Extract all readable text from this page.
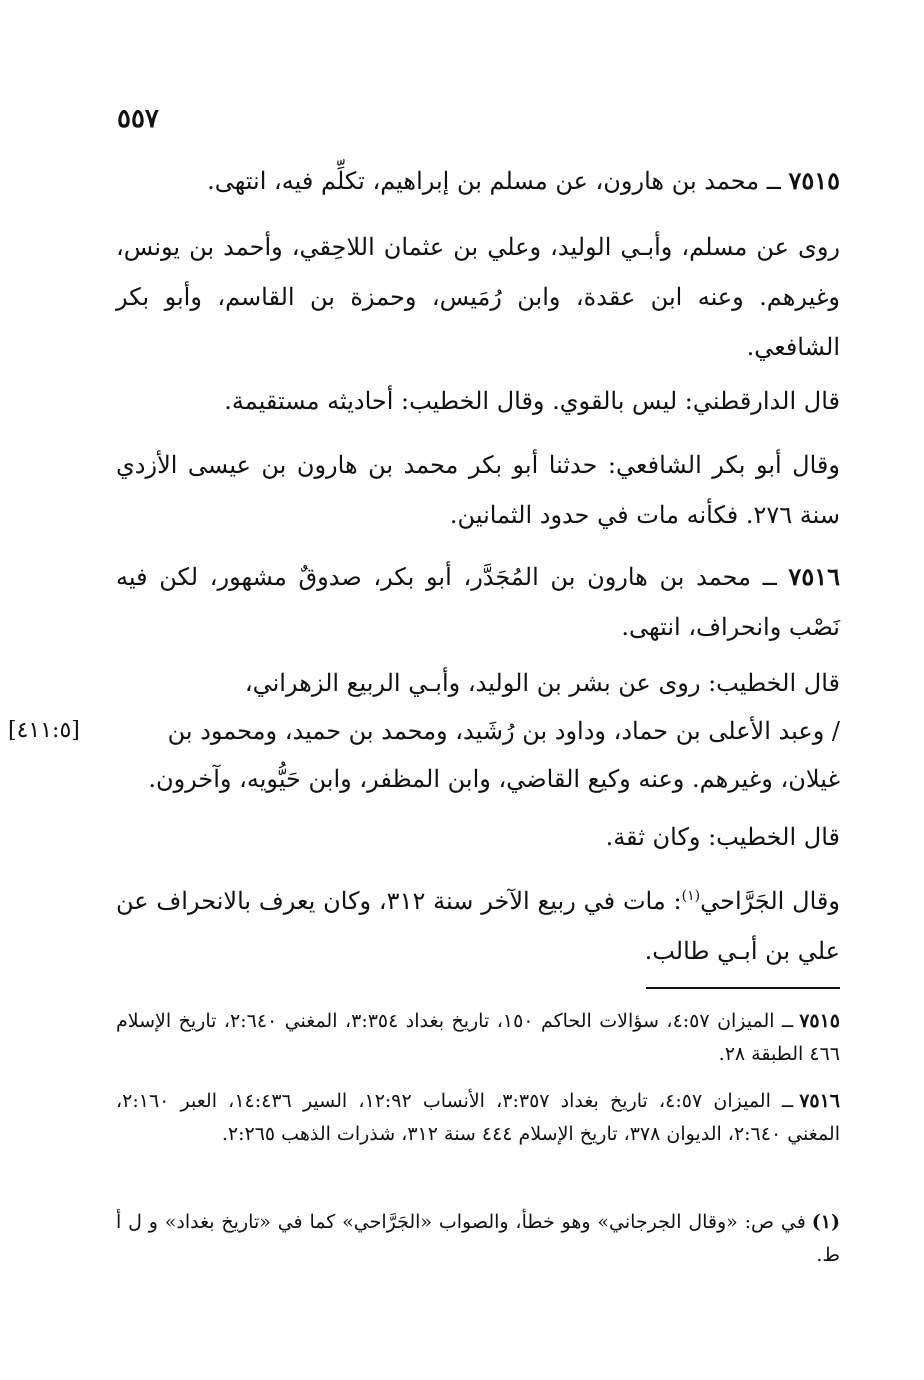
٥٥٧
٧٥١٥ ــ محمد بن هارون، عن مسلم بن إبراهيم، تكلِّم فيه، انتهى.
روى عن مسلم، وأبـي الوليد، وعلي بن عثمان اللاحِقي، وأحمد بن يونس، وغيرهم. وعنه ابن عقدة، وابن رُمَيس، وحمزة بن القاسم، وأبو بكر الشافعي.
قال الدارقطني: ليس بالقوي. وقال الخطيب: أحاديثه مستقيمة.
وقال أبو بكر الشافعي: حدثنا أبو بكر محمد بن هارون بن عيسى الأزدي سنة ٢٧٦. فكأنه مات في حدود الثمانين.
٧٥١٦ ــ محمد بن هارون بن المُجَدَّر، أبو بكر، صدوقٌ مشهور، لكن فيه نَصْب وانحراف، انتهى.
قال الخطيب: روى عن بشر بن الوليد، وأبـي الربيع الزهراني،
/ وعبد الأعلى بن حماد، وداود بن رُشَيد، ومحمد بن حميد، ومحمود بن
[٤١١:٥]
غيلان، وغيرهم. وعنه وكيع القاضي، وابن المظفر، وابن حَيُّويه، وآخرون.
قال الخطيب: وكان ثقة.
وقال الجَرَّاحي$^{(١)}$: مات في ربيع الآخر سنة ٣١٢، وكان يعرف بالانحراف عن علي بن أبـي طالب.
٧٥١٥ــ الميزان ٤:٥٧، سؤالات الحاكم ١٥٠، تاريخ بغداد ٣:٣٥٤، المغني ٢:٦٤٠، تاريخ الإسلام ٤٦٦ الطبقة ٢٨.
٧٥١٦ــ الميزان ٤:٥٧، تاريخ بغداد ٣:٣٥٧، الأنساب ١٢:٩٢، السير ١٤:٤٣٦، العبر ٢:١٦٠، المغني ٢:٦٤٠، الديوان ٣٧٨، تاريخ الإسلام ٤٤٤ سنة ٣١٢، شذرات الذهب ٢:٢٦٥.
(١)في ص: «وقال الجرجاني» وهو خطأ، والصواب «الجَرَّاحي» كما في «تاريخ بغداد» و ل أ ط.
